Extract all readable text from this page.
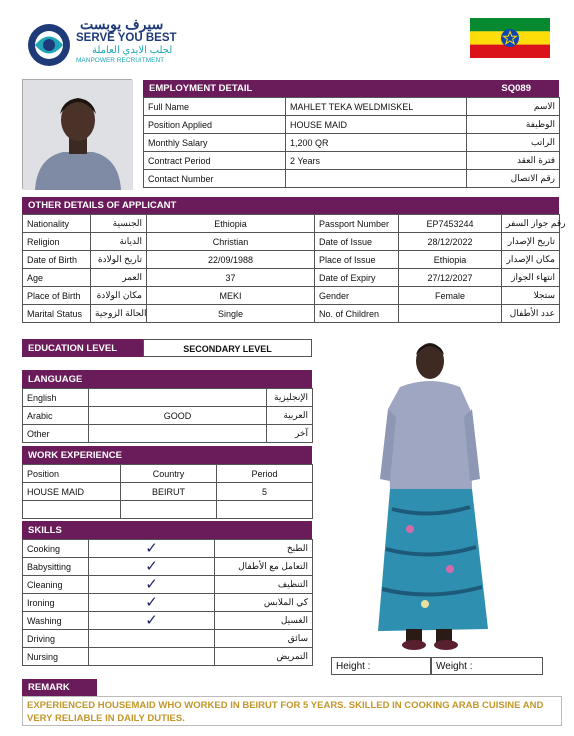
سيرف يوبست
SERVE YOU BEST
لجلب الايدي العاملة
MANPOWER RECRUITMENT
EMPLOYMENT DETAIL	SQ089
Full Name	MAHLET TEKA WELDMISKEL	الاسم
Position Applied	HOUSE MAID	الوظيفة
Monthly Salary	1,200 QR	الراتب
Contract Period	2 Years	فترة العقد
Contact Number		رقم الاتصال
OTHER DETAILS OF APPLICANT
Nationality	الجنسية	Ethiopia	Passport Number	EP7453244	رقم جواز السفر
Religion	الديانة	Christian	Date of Issue	28/12/2022	تاريخ الإصدار
Date of Birth	تاريخ الولادة	22/09/1988	Place of Issue	Ethiopia	مكان الإصدار
Age	العمر	37	Date of Expiry	27/12/2027	انتهاء الجواز
Place of Birth	مكان الولادة	MEKI	Gender	Female	ستجلا
Marital Status	الحالة الزوجية	Single	No. of Children		عدد الأطفال
EDUCATION LEVEL	SECONDARY LEVEL
LANGUAGE
English		الإنجليزية
Arabic	GOOD	العربية
Other		آخر
WORK EXPERIENCE
Position	Country	Period
HOUSE MAID	BEIRUT	5

SKILLS
Cooking	✓	الطبخ
Babysitting	✓	التعامل مع الأطفال
Cleaning	✓	التنظيف
Ironing	✓	كي الملابس
Washing	✓	الغسيل
Driving		سائق
Nursing		التمريض
Height :	Weight :
REMARK
EXPERIENCED HOUSEMAID WHO WORKED IN BEIRUT FOR 5 YEARS. SKILLED IN COOKING ARAB CUISINE AND VERY RELIABLE IN DAILY DUTIES.
